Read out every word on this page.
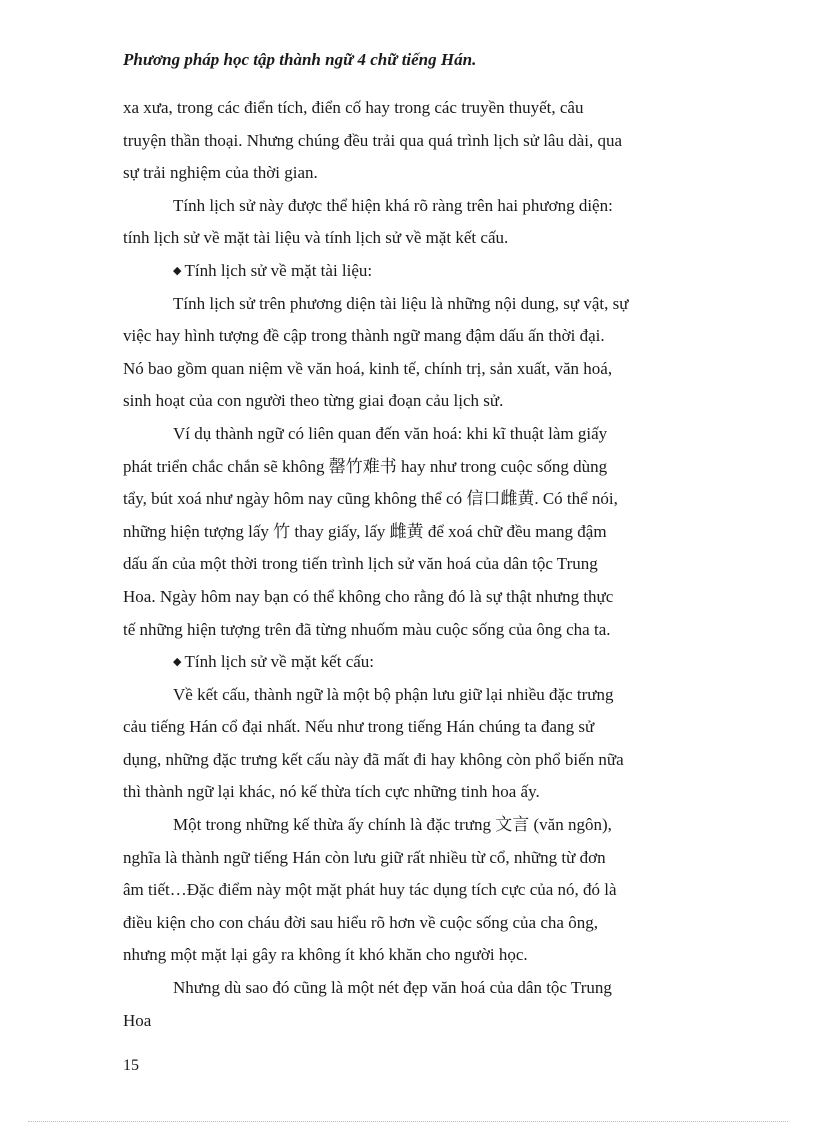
Phương pháp học tập thành ngữ 4 chữ tiếng Hán.
xa xưa, trong các điển tích, điển cố hay trong các truyền thuyết, câu
truyện thần thoại. Nhưng chúng đều trải qua quá trình lịch sử lâu dài, qua
sự trải nghiệm của thời gian.
Tính lịch sử này được thể hiện khá rõ ràng trên hai phương diện:
tính lịch sử về mặt tài liệu và tính lịch sử về mặt kết cấu.
◆ Tính lịch sử về mặt tài liệu:
Tính lịch sử trên phương diện tài liệu là những nội dung, sự vật, sự
việc hay hình tượng đề cập trong thành ngữ mang đậm dấu ấn thời đại.
Nó bao gồm quan niệm về văn hoá, kinh tế, chính trị, sản xuất, văn hoá,
sinh hoạt của con người theo từng giai đoạn cảu lịch sử.
Ví dụ thành ngữ có liên quan đến văn hoá: khi kĩ thuật làm giấy
phát triển chắc chắn sẽ không 罄竹难书 hay như trong cuộc sống dùng
tẩy, bút xoá như ngày hôm nay cũng không thể có 信口雌黄. Có thể nói,
những hiện tượng lấy 竹 thay giấy, lấy 雌黄 để xoá chữ đều mang đậm
dấu ấn của một thời trong tiến trình lịch sử văn hoá của dân tộc Trung
Hoa. Ngày hôm nay bạn có thể không cho rằng đó là sự thật nhưng thực
tế những hiện tượng trên đã từng nhuốm màu cuộc sống của ông cha ta.
◆ Tính lịch sử về mặt kết cấu:
Về kết cấu, thành ngữ là một bộ phận lưu giữ lại nhiều đặc trưng
cảu tiếng Hán cổ đại nhất. Nếu như trong tiếng Hán chúng ta đang sử
dụng, những đặc trưng kết cấu này đã mất đi hay không còn phổ biến nữa
thì thành ngữ lại khác, nó kế thừa tích cực những tinh hoa ấy.
Một trong những kế thừa ấy chính là đặc trưng 文言 (văn ngôn),
nghĩa là thành ngữ tiếng Hán còn lưu giữ rất nhiều từ cổ, những từ đơn
âm tiết…Đặc điểm này một mặt phát huy tác dụng tích cực của nó, đó là
điều kiện cho con cháu đời sau hiểu rõ hơn về cuộc sống của cha ông,
nhưng một mặt lại gây ra không ít khó khăn cho người học.
Nhưng dù sao đó cũng là một nét đẹp văn hoá của dân tộc Trung
Hoa
15
